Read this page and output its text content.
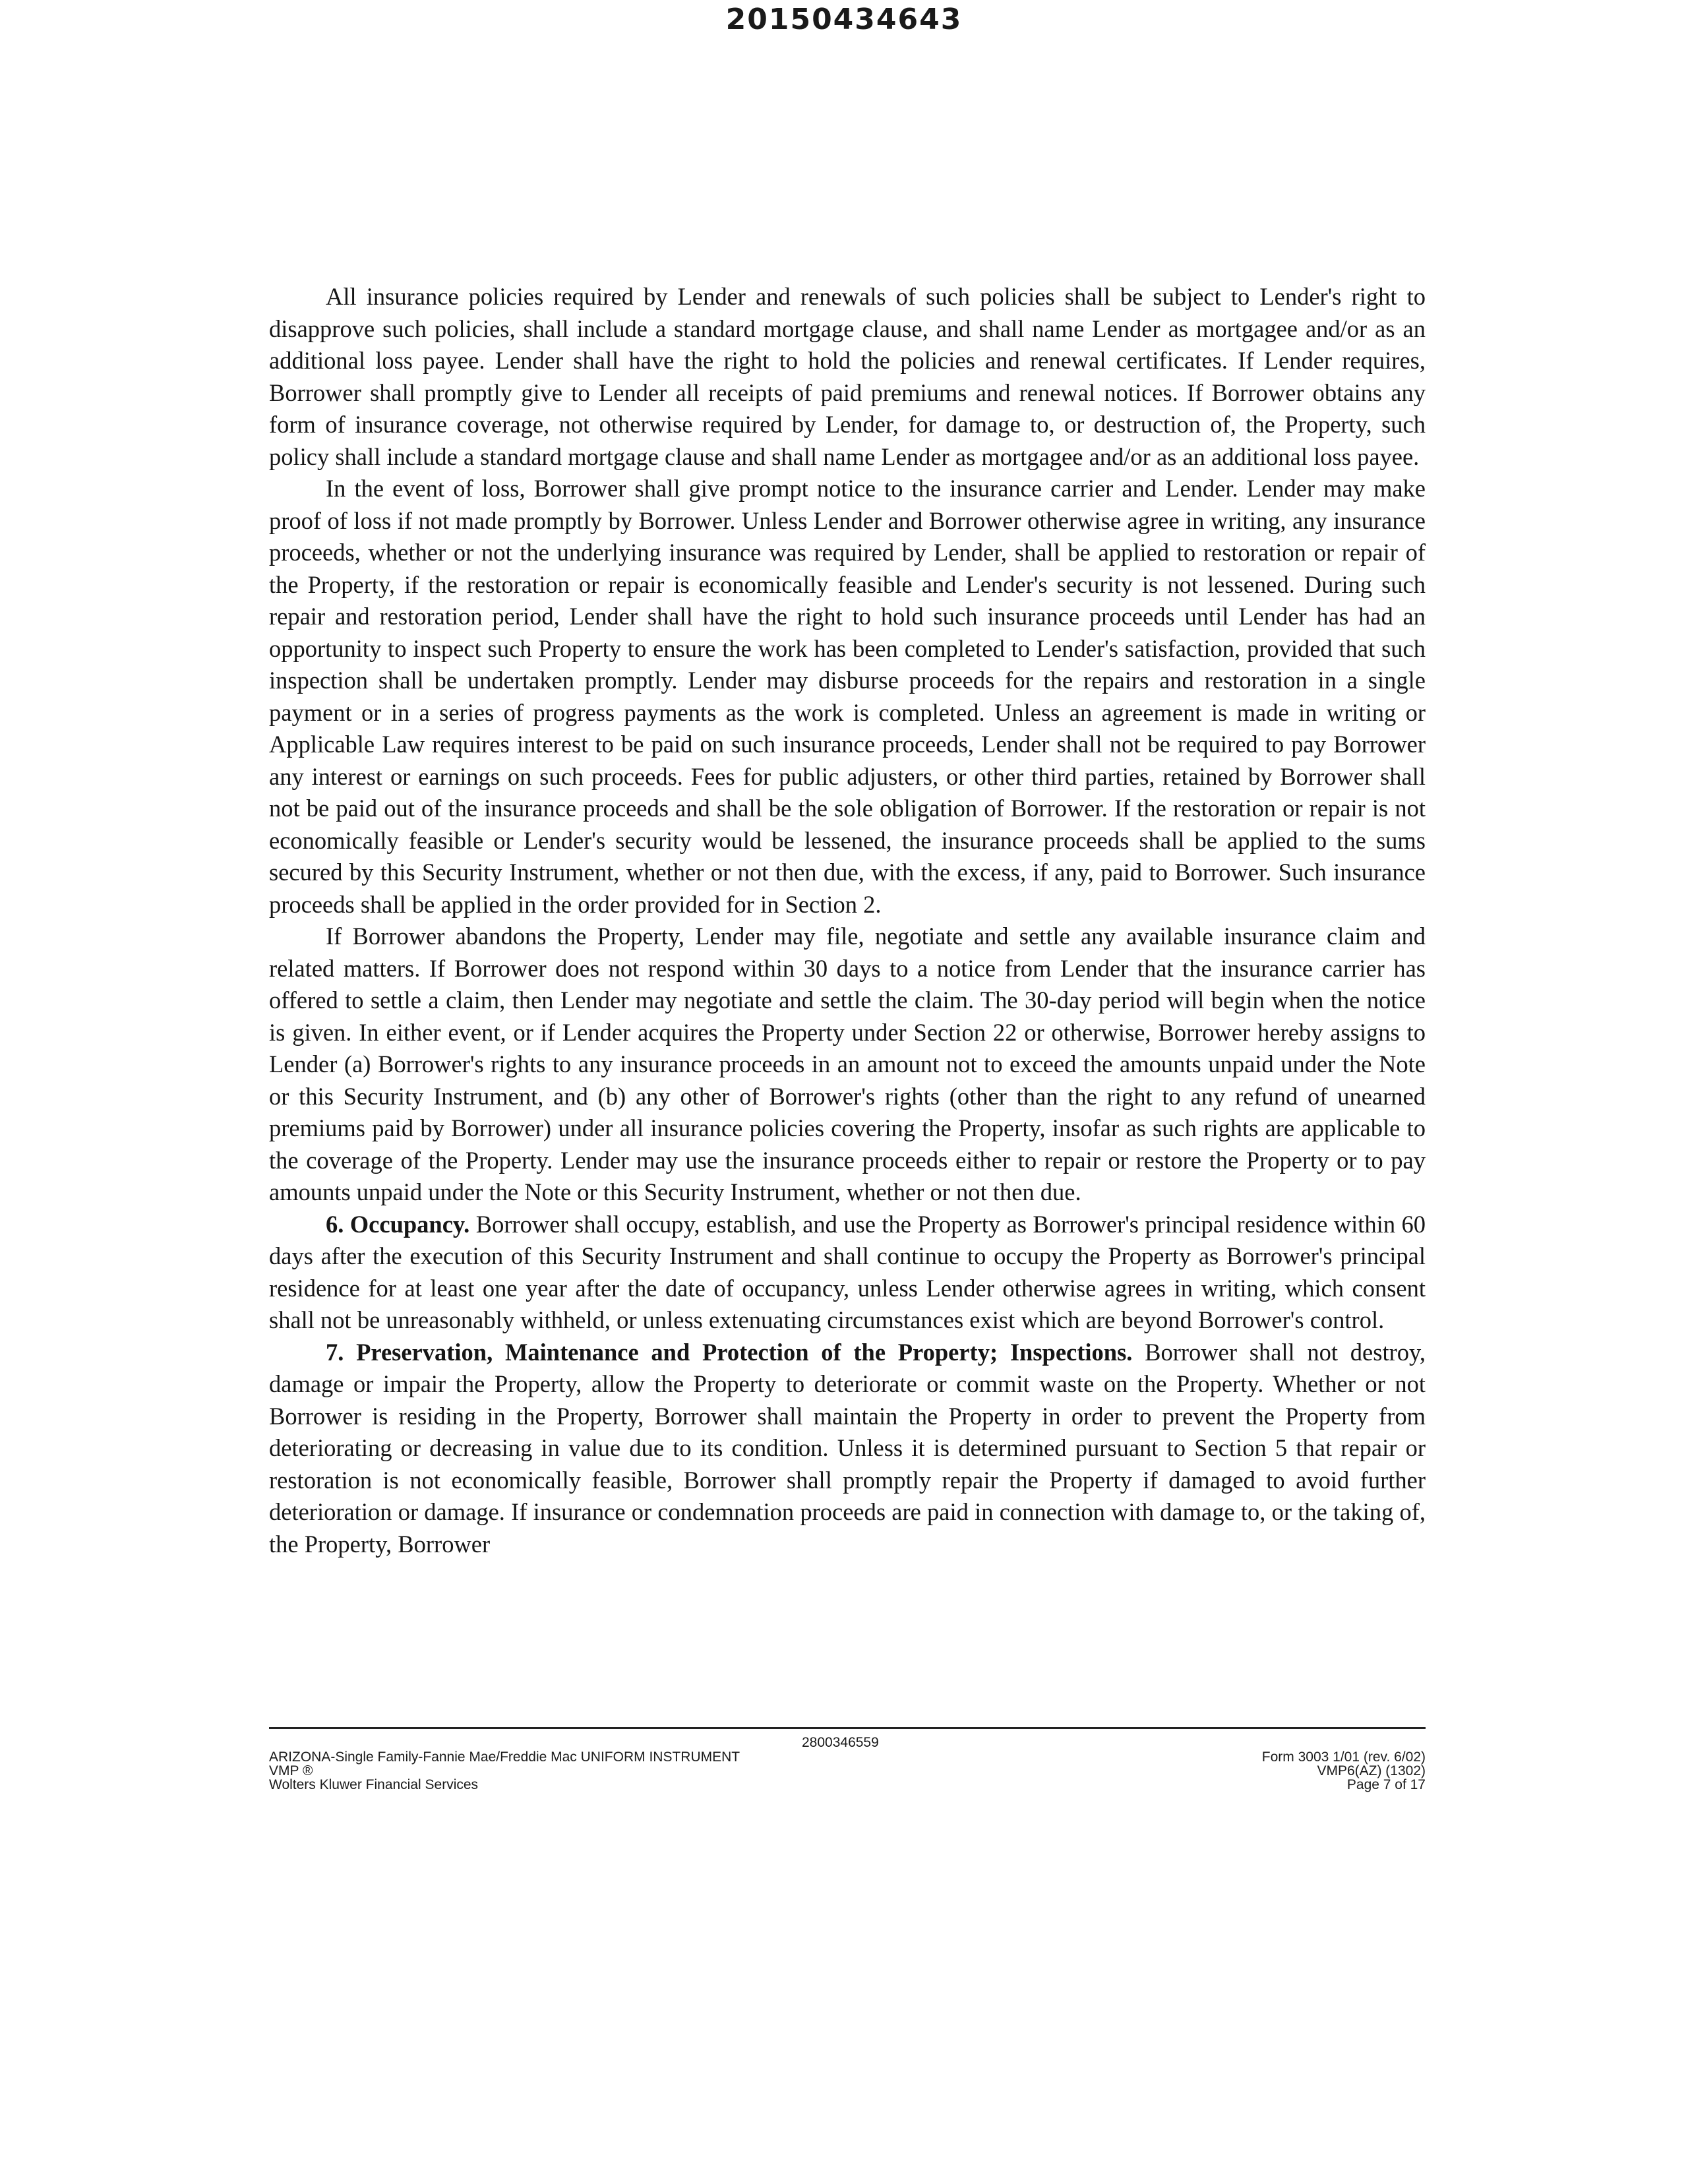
20150434643

All insurance policies required by Lender and renewals of such policies shall be subject to Lender's right to disapprove such policies, shall include a standard mortgage clause, and shall name Lender as mortgagee and/or as an additional loss payee. Lender shall have the right to hold the policies and renewal certificates. If Lender requires, Borrower shall promptly give to Lender all receipts of paid premiums and renewal notices. If Borrower obtains any form of insurance coverage, not otherwise required by Lender, for damage to, or destruction of, the Property, such policy shall include a standard mortgage clause and shall name Lender as mortgagee and/or as an additional loss payee.

In the event of loss, Borrower shall give prompt notice to the insurance carrier and Lender. Lender may make proof of loss if not made promptly by Borrower. Unless Lender and Borrower otherwise agree in writing, any insurance proceeds, whether or not the underlying insurance was required by Lender, shall be applied to restoration or repair of the Property, if the restoration or repair is economically feasible and Lender's security is not lessened. During such repair and restoration period, Lender shall have the right to hold such insurance proceeds until Lender has had an opportunity to inspect such Property to ensure the work has been completed to Lender's satisfaction, provided that such inspection shall be undertaken promptly. Lender may disburse proceeds for the repairs and restoration in a single payment or in a series of progress payments as the work is completed. Unless an agreement is made in writing or Applicable Law requires interest to be paid on such insurance proceeds, Lender shall not be required to pay Borrower any interest or earnings on such proceeds. Fees for public adjusters, or other third parties, retained by Borrower shall not be paid out of the insurance proceeds and shall be the sole obligation of Borrower. If the restoration or repair is not economically feasible or Lender's security would be lessened, the insurance proceeds shall be applied to the sums secured by this Security Instrument, whether or not then due, with the excess, if any, paid to Borrower. Such insurance proceeds shall be applied in the order provided for in Section 2.

If Borrower abandons the Property, Lender may file, negotiate and settle any available insurance claim and related matters. If Borrower does not respond within 30 days to a notice from Lender that the insurance carrier has offered to settle a claim, then Lender may negotiate and settle the claim. The 30-day period will begin when the notice is given. In either event, or if Lender acquires the Property under Section 22 or otherwise, Borrower hereby assigns to Lender (a) Borrower's rights to any insurance proceeds in an amount not to exceed the amounts unpaid under the Note or this Security Instrument, and (b) any other of Borrower's rights (other than the right to any refund of unearned premiums paid by Borrower) under all insurance policies covering the Property, insofar as such rights are applicable to the coverage of the Property. Lender may use the insurance proceeds either to repair or restore the Property or to pay amounts unpaid under the Note or this Security Instrument, whether or not then due.

6. Occupancy. Borrower shall occupy, establish, and use the Property as Borrower's principal residence within 60 days after the execution of this Security Instrument and shall continue to occupy the Property as Borrower's principal residence for at least one year after the date of occupancy, unless Lender otherwise agrees in writing, which consent shall not be unreasonably withheld, or unless extenuating circumstances exist which are beyond Borrower's control.

7. Preservation, Maintenance and Protection of the Property; Inspections. Borrower shall not destroy, damage or impair the Property, allow the Property to deteriorate or commit waste on the Property. Whether or not Borrower is residing in the Property, Borrower shall maintain the Property in order to prevent the Property from deteriorating or decreasing in value due to its condition. Unless it is determined pursuant to Section 5 that repair or restoration is not economically feasible, Borrower shall promptly repair the Property if damaged to avoid further deterioration or damage. If insurance or condemnation proceeds are paid in connection with damage to, or the taking of, the Property, Borrower

2800346559
ARIZONA-Single Family-Fannie Mae/Freddie Mac UNIFORM INSTRUMENT
VMP ®
Wolters Kluwer Financial Services
Form 3003 1/01 (rev. 6/02)
VMP6(AZ) (1302)
Page 7 of 17
